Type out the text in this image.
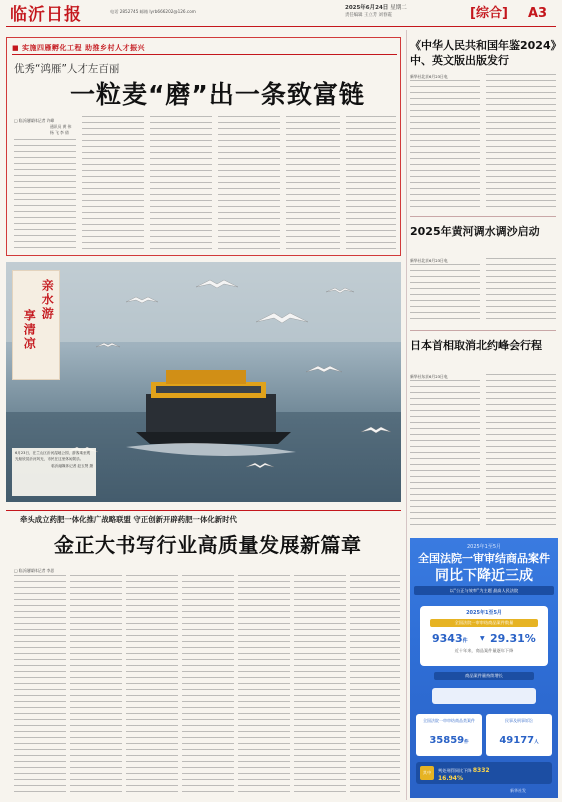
临沂日报	电话 2852745 邮箱 lyrb666202@126.com
2025年6月24日 星期二
责任编辑 王立芳 刘春霞	[综合] A3
■ 实施四雁孵化工程 助推乡村人才振兴
优秀“鸿雁”人才左百丽
一粒麦“磨”出一条致富链
□ 临沂融媒体记者 许峰
通讯员 黄 伟
杨 飞 李 倩
亲水游
享清凉
6月23日，在兰山区沂河湿地公园，游客乘坐观光船欣赏沂河风光，市民在这里休闲娱乐。
临沂融媒体记者 赵玉贤 摄
牵头成立药肥一体化推广战略联盟 守正创新开辟药肥一体化新时代
金正大书写行业高质量发展新篇章
□ 临沂融媒体记者 李思
《中华人民共和国年鉴2024》中、英文版出版发行
新华社北京6月23日电
2025年黄河调水调沙启动
新华社北京6月23日电
日本首相取消北约峰会行程
新华社东京6月23日电
2025年1至5月
全国法院一审审结商品案件
同比下降近三成
以“公正与效率”为主题 最高人民法院
2025年1至5月
全国法院一审审结商品案件数量
9343件 ▼ 29.31%
近十年来，商品案件量逐年下降
商品案件量持续增长
全国法院一审审结商品类案件
35859件
民事及刑事诉讼
49177人
其中	判处刑罚同比下降 8332
16.94%
新华社发
